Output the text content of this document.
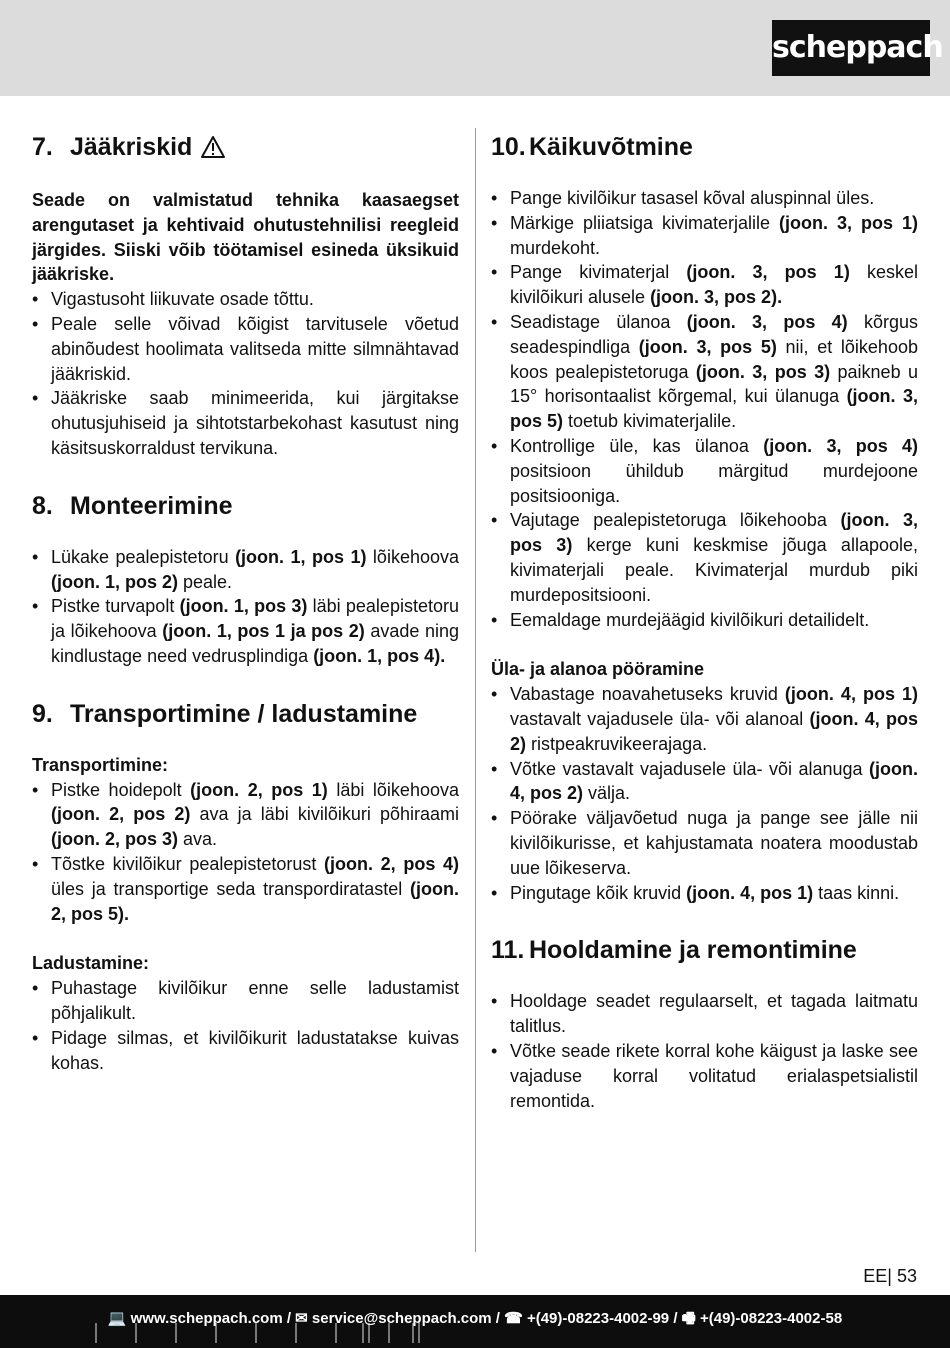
scheppach
7. Jääkriskid
Seade on valmistatud tehnika kaasaegset arengutaset ja kehtivaid ohutustehnilisi reegleid järgides. Siiski võib töötamisel esineda üksikuid jääkriske.
• Vigastusoht liikuvate osade tõttu.
• Peale selle võivad kõigist tarvitusele võetud abinõudest hoolimata valitseda mitte silmnähtavad jääkriskid.
• Jääkriske saab minimeerida, kui järgitakse ohutusjuhiseid ja sihtotstarbekohast kasutust ning käsitsuskorraldust tervikuna.
8. Monteerimine
• Lükake pealepistetoru (joon. 1, pos 1) lõikehoova (joon. 1, pos 2) peale.
• Pistke turvapolt (joon. 1, pos 3) läbi pealepistetoru ja lõikehoova (joon. 1, pos 1 ja pos 2) avade ning kindlustage need vedrusplindiga (joon. 1, pos 4).
9. Transportimine / ladustamine
Transportimine:
• Pistke hoidepolt (joon. 2, pos 1) läbi lõikehoova (joon. 2, pos 2) ava ja läbi kivilõikuri põhiraami (joon. 2, pos 3) ava.
• Tõstke kivilõikur pealepistetorust (joon. 2, pos 4) üles ja transportige seda transpordiratastel (joon. 2, pos 5).
Ladustamine:
• Puhastage kivilõikur enne selle ladustamist põhjalikult.
• Pidage silmas, et kivilõikurit ladustatakse kuivas kohas.
10. Käikuvõtmine
• Pange kivilõikur tasasel kõval aluspinnal üles.
• Märkige pliiatsiga kivimaterjalile (joon. 3, pos 1) murdekoht.
• Pange kivimaterjal (joon. 3, pos 1) keskel kivilõikuri alusele (joon. 3, pos 2).
• Seadistage ülanoa (joon. 3, pos 4) kõrgus seadespindliga (joon. 3, pos 5) nii, et lõikehoob koos pealepistetoruga (joon. 3, pos 3) paikneb u 15° horisontaalist kõrgemal, kui ülanuga (joon. 3, pos 5) toetub kivimaterjalile.
• Kontrollige üle, kas ülanoa (joon. 3, pos 4) positsioon ühildub märgitud murdejoone positsiooniga.
• Vajutage pealepistetoruga lõikehooba (joon. 3, pos 3) kerge kuni keskmise jõuga allapoole, kivimaterjali peale. Kivimaterjal murdub piki murdepositsiooni.
• Eemaldage murdejäägid kivilõikuri detailidelt.
Üla- ja alanoa pööramine
• Vabastage noavahetuseks kruvid (joon. 4, pos 1) vastavalt vajadusele üla- või alanoal (joon. 4, pos 2) ristpeakruvikeerajaga.
• Võtke vastavalt vajadusele üla- või alanuga (joon. 4, pos 2) välja.
• Pöörake väljavõetud nuga ja pange see jälle nii kivilõikurisse, et kahjustamata noatera moodustab uue lõikeserva.
• Pingutage kõik kruvid (joon. 4, pos 1) taas kinni.
11. Hooldamine ja remontimine
• Hooldage seadet regulaarselt, et tagada laitmatu talitlus.
• Võtke seade rikete korral kohe käigust ja laske see vajaduse korral volitatud erialaspetsialistil remontida.
EE| 53
💻 www.scheppach.com / ✉ service@scheppach.com / ☎ +(49)-08223-4002-99 / 🖷 +(49)-08223-4002-58
